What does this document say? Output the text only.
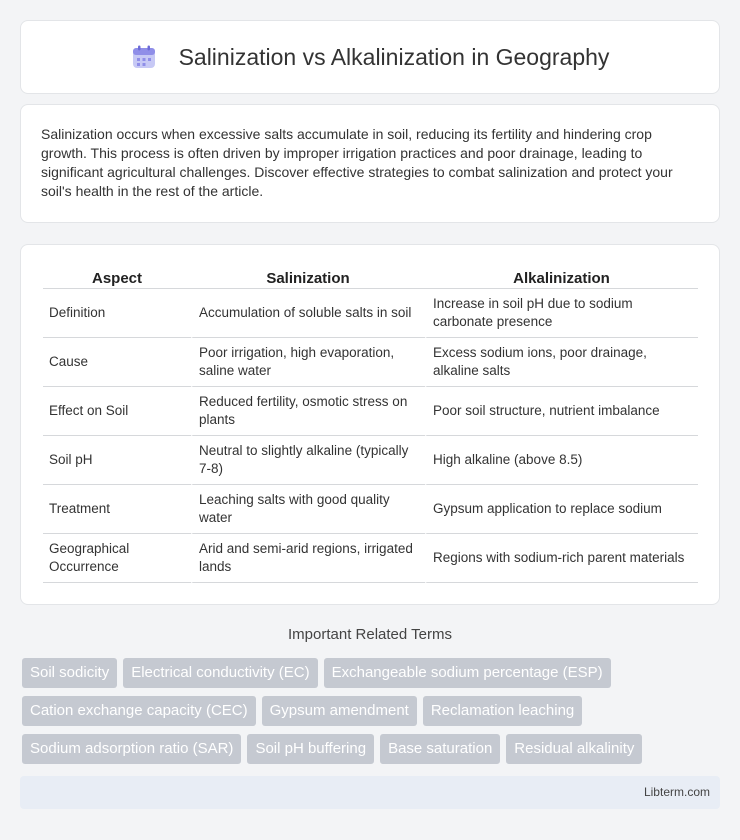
Salinization vs Alkalinization in Geography

Salinization occurs when excessive salts accumulate in soil, reducing its fertility and hindering crop growth. This process is often driven by improper irrigation practices and poor drainage, leading to significant agricultural challenges. Discover effective strategies to combat salinization and protect your soil's health in the rest of the article.

Aspect	Salinization	Alkalinization
Definition	Accumulation of soluble salts in soil	Increase in soil pH due to sodium carbonate presence
Cause	Poor irrigation, high evaporation, saline water	Excess sodium ions, poor drainage, alkaline salts
Effect on Soil	Reduced fertility, osmotic stress on plants	Poor soil structure, nutrient imbalance
Soil pH	Neutral to slightly alkaline (typically 7-8)	High alkaline (above 8.5)
Treatment	Leaching salts with good quality water	Gypsum application to replace sodium
Geographical Occurrence	Arid and semi-arid regions, irrigated lands	Regions with sodium-rich parent materials
Important Related Terms
Soil sodicity	Electrical conductivity (EC)	Exchangeable sodium percentage (ESP)
Cation exchange capacity (CEC)	Gypsum amendment	Reclamation leaching
Sodium adsorption ratio (SAR)	Soil pH buffering	Base saturation	Residual alkalinity
Libterm.com
